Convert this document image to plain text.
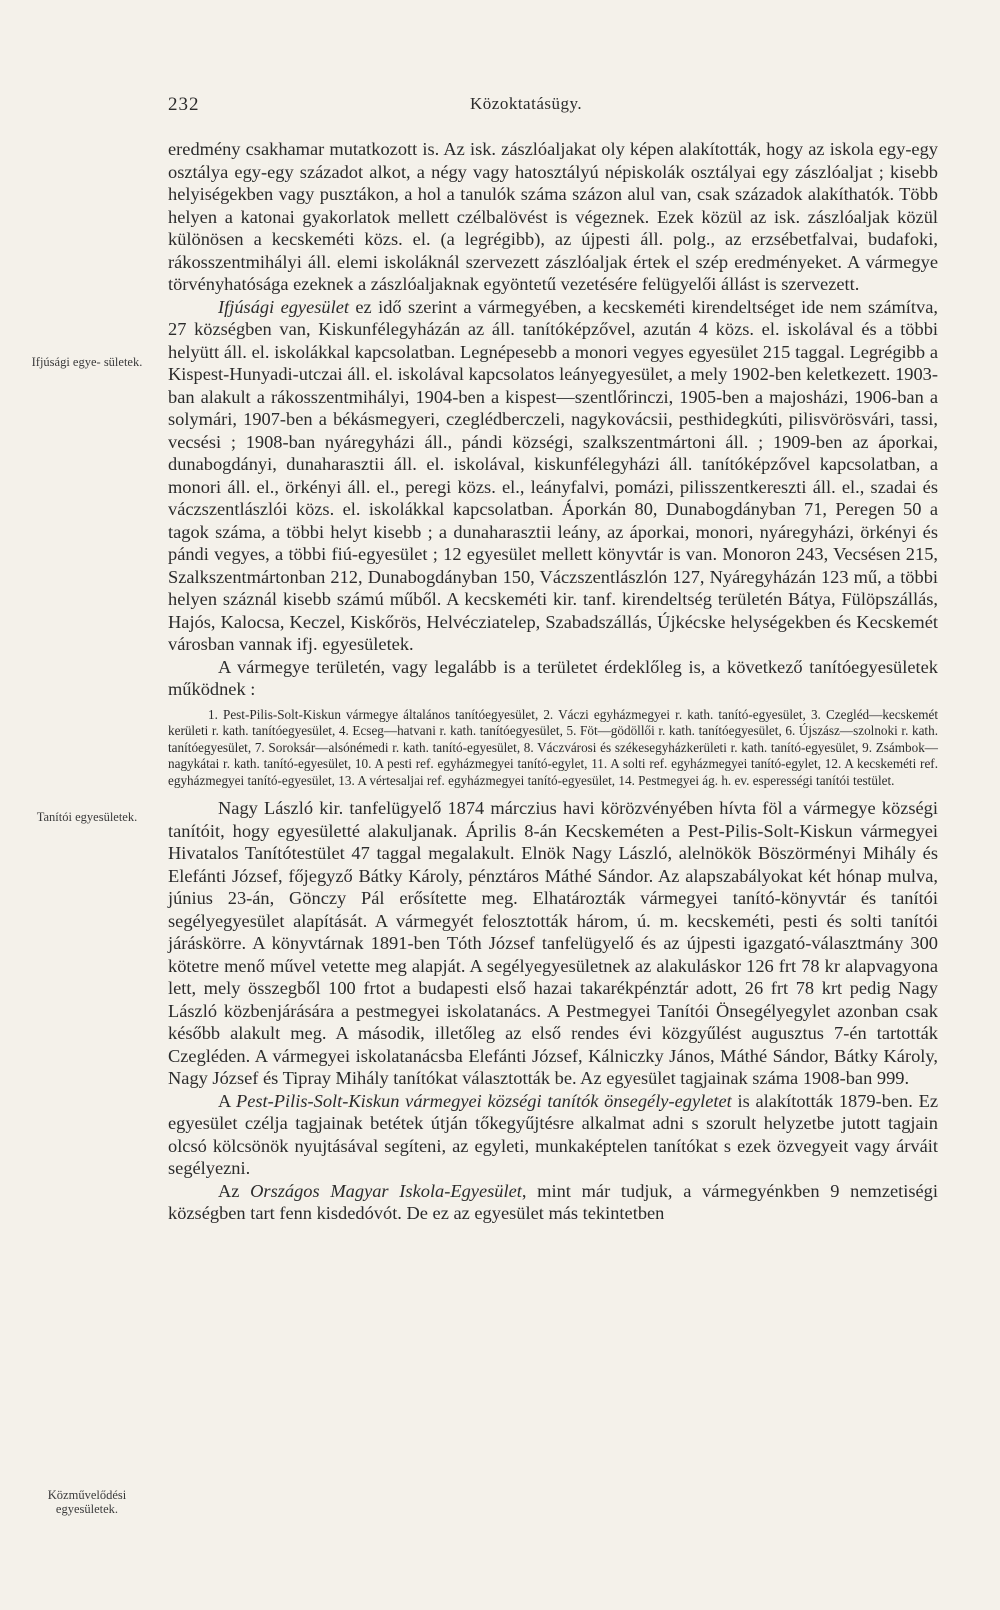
232	Közoktatásügy.
Ifjúsági egye- sületek.
Tanítói egyesületek.
Közművelődési egyesületek.

eredmény csakhamar mutatkozott is. Az isk. zászlóaljakat oly képen alakították, hogy az iskola egy-egy osztálya egy-egy századot alkot, a négy vagy hatosztályú népiskolák osztályai egy zászlóaljat ; kisebb helyiségekben vagy pusztákon, a hol a tanulók száma százon alul van, csak századok alakíthatók. Több helyen a katonai gyakorlatok mellett czélbalövést is végeznek. Ezek közül az isk. zászlóaljak közül különösen a kecskeméti közs. el. (a legrégibb), az újpesti áll. polg., az erzsébetfalvai, budafoki, rákosszentmihályi áll. elemi iskoláknál szervezett zászlóaljak értek el szép eredményeket. A vármegye törvényhatósága ezeknek a zászlóaljaknak egyöntetű vezetésére felügyelői állást is szervezett.

Ifjúsági egyesület ez idő szerint a vármegyében, a kecskeméti kirendeltséget ide nem számítva, 27 községben van, Kiskunfélegyházán az áll. tanítóképzővel, azután 4 közs. el. iskolával és a többi helyütt áll. el. iskolákkal kapcsolatban. Legnépesebb a monori vegyes egyesület 215 taggal. Legrégibb a Kispest-Hunyadi-utczai áll. el. iskolával kapcsolatos leányegyesület, a mely 1902-ben keletkezett. 1903-ban alakult a rákosszentmihályi, 1904-ben a kispest—szentlőrinczi, 1905-ben a majosházi, 1906-ban a solymári, 1907-ben a békásmegyeri, czeglédberczeli, nagykovácsii, pesthidegkúti, pilisvörösvári, tassi, vecsési ; 1908-ban nyáregyházi áll., pándi községi, szalkszentmártoni áll. ; 1909-ben az áporkai, dunabogdányi, dunaharasztii áll. el. iskolával, kiskunfélegyházi áll. tanítóképzővel kapcsolatban, a monori áll. el., örkényi áll. el., peregi közs. el., leányfalvi, pomázi, pilisszentkereszti áll. el., szadai és váczszentlászlói közs. el. iskolákkal kapcsolatban. Áporkán 80, Dunabogdányban 71, Peregen 50 a tagok száma, a többi helyt kisebb ; a dunaharasztii leány, az áporkai, monori, nyáregyházi, örkényi és pándi vegyes, a többi fiú-egyesület ; 12 egyesület mellett könyvtár is van. Monoron 243, Vecsésen 215, Szalkszentmártonban 212, Dunabogdányban 150, Váczszentlászlón 127, Nyáregyházán 123 mű, a többi helyen száznál kisebb számú műből. A kecskeméti kir. tanf. kirendeltség területén Bátya, Fülöpszállás, Hajós, Kalocsa, Keczel, Kiskőrös, Helvécziatelep, Szabadszállás, Újkécske helységekben és Kecskemét városban vannak ifj. egyesületek.

A vármegye területén, vagy legalább is a területet érdeklőleg is, a következő tanítóegyesületek működnek :

1. Pest-Pilis-Solt-Kiskun vármegye általános tanítóegyesület, 2. Váczi egyházmegyei r. kath. tanító-egyesület, 3. Czegléd—kecskemét kerületi r. kath. tanítóegyesület, 4. Ecseg—hatvani r. kath. tanítóegyesület, 5. Föt—gödöllői r. kath. tanítóegyesület, 6. Újszász—szolnoki r. kath. tanítóegyesület, 7. Soroksár—alsónémedi r. kath. tanító-egyesület, 8. Váczvárosi és székesegyházkerületi r. kath. tanító-egyesület, 9. Zsámbok—nagykátai r. kath. tanító-egyesület, 10. A pesti ref. egyházmegyei tanító-egylet, 11. A solti ref. egyházmegyei tanító-egylet, 12. A kecskeméti ref. egyházmegyei tanító-egyesület, 13. A vértesaljai ref. egyházmegyei tanító-egyesület, 14. Pestmegyei ág. h. ev. esperességi tanítói testület.

Nagy László kir. tanfelügyelő 1874 márczius havi körözvényében hívta föl a vármegye községi tanítóit, hogy egyesületté alakuljanak. Április 8-án Kecskeméten a Pest-Pilis-Solt-Kiskun vármegyei Hivatalos Tanítótestület 47 taggal megalakult. Elnök Nagy László, alelnökök Böszörményi Mihály és Elefánti József, főjegyző Bátky Károly, pénztáros Máthé Sándor. Az alapszabályokat két hónap mulva, június 23-án, Gönczy Pál erősítette meg. Elhatározták vármegyei tanító-könyvtár és tanítói segélyegyesület alapítását. A vármegyét felosztották három, ú. m. kecskeméti, pesti és solti tanítói járáskörre. A könyvtárnak 1891-ben Tóth József tanfelügyelő és az újpesti igazgató-választmány 300 kötetre menő művel vetette meg alapját. A segélyegyesületnek az alakuláskor 126 frt 78 kr alapvagyona lett, mely összegből 100 frtot a budapesti első hazai takarékpénztár adott, 26 frt 78 krt pedig Nagy László közbenjárására a pestmegyei iskolatanács. A Pestmegyei Tanítói Önsegélyegylet azonban csak később alakult meg. A második, illetőleg az első rendes évi közgyűlést augusztus 7-én tartották Czegléden. A vármegyei iskolatanácsba Elefánti József, Kálniczky János, Máthé Sándor, Bátky Károly, Nagy József és Tipray Mihály tanítókat választották be. Az egyesület tagjainak száma 1908-ban 999.

A Pest-Pilis-Solt-Kiskun vármegyei községi tanítók önsegély-egyletet is alakították 1879-ben. Ez egyesület czélja tagjainak betétek útján tőkegyűjtésre alkalmat adni s szorult helyzetbe jutott tagjain olcsó kölcsönök nyujtásával segíteni, az egyleti, munkaképtelen tanítókat s ezek özvegyeit vagy árváit segélyezni.

Az Országos Magyar Iskola-Egyesület, mint már tudjuk, a vármegyénkben 9 nemzetiségi községben tart fenn kisdedóvót. De ez az egyesület más tekintetben
